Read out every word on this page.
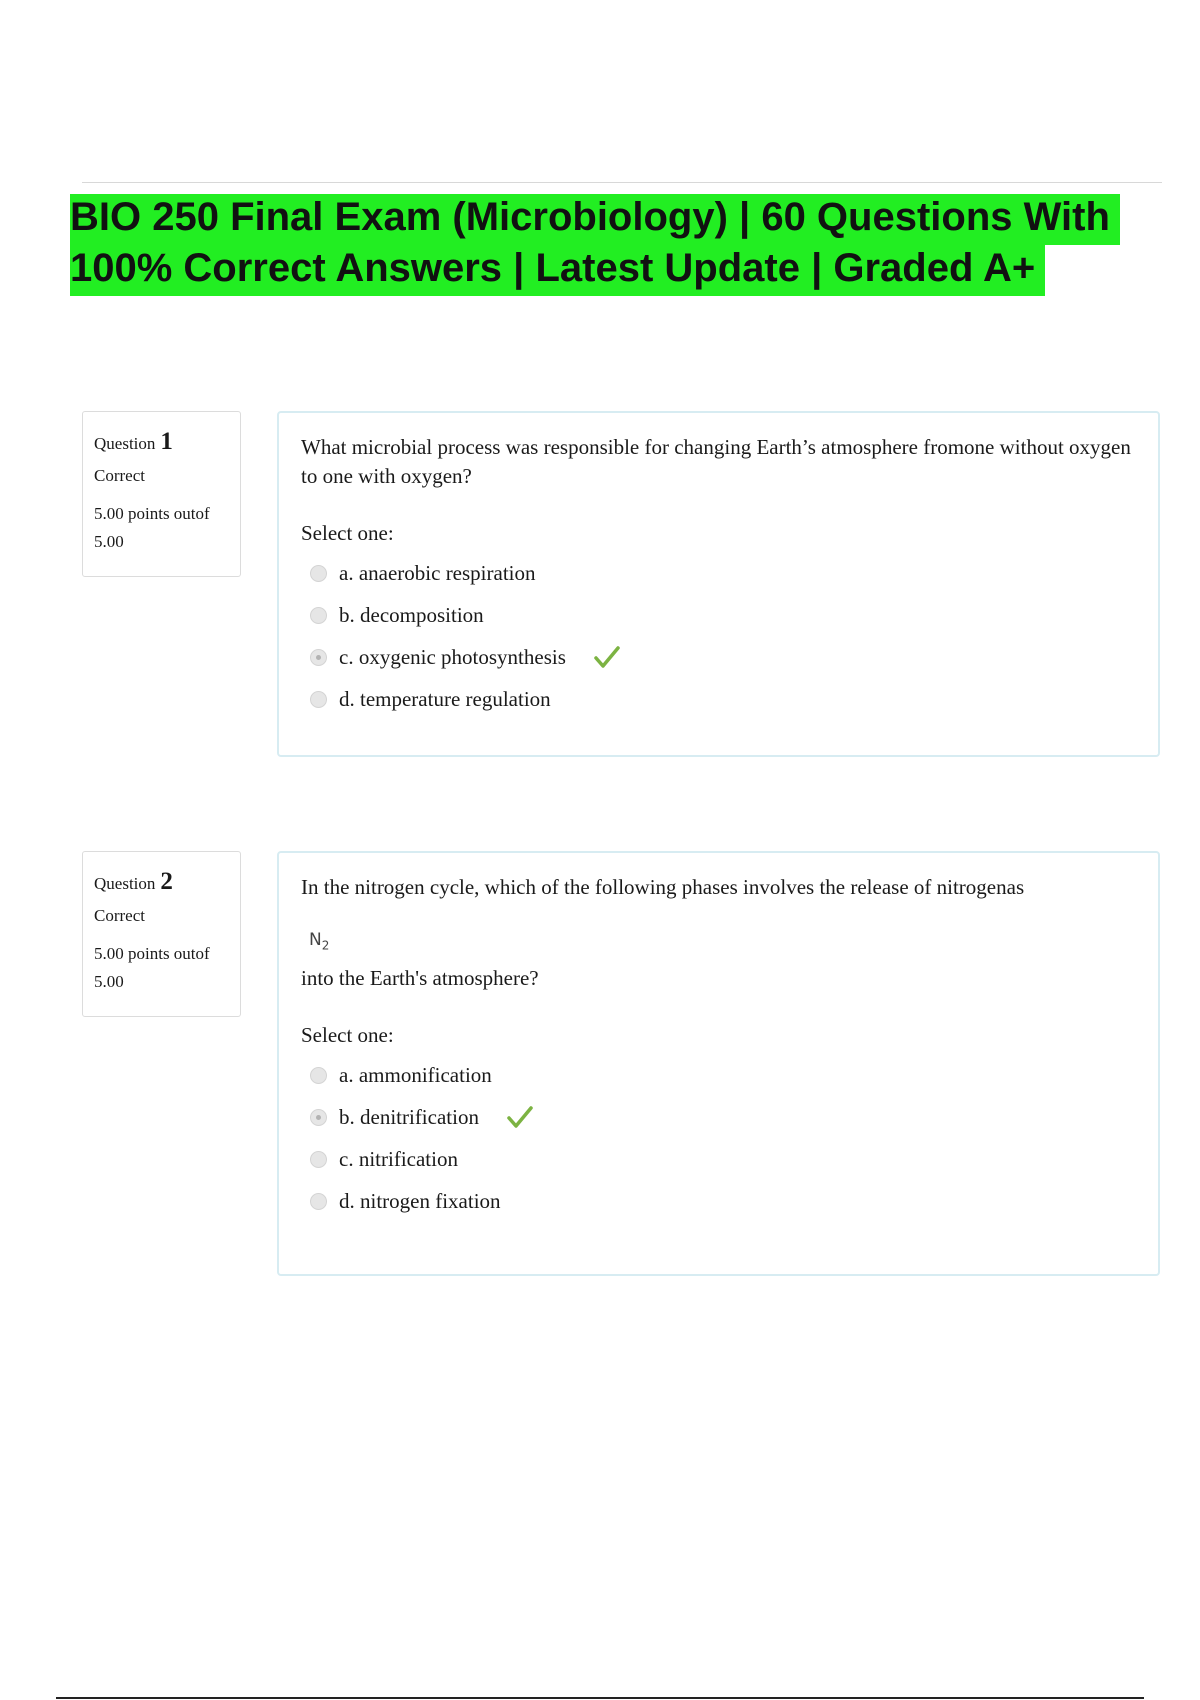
BIO 250 Final Exam (Microbiology) | 60 Questions With
100% Correct Answers | Latest Update | Graded A+
Question 1
Correct
5.00 points outof
5.00
What microbial process was responsible for changing Earth’s atmosphere fromone without oxygen to one with oxygen?
Select one:
a.
anaerobic respiration
b.
decomposition
c.
oxygenic photosynthesis
d.
temperature regulation
Question 2
Correct
5.00 points outof
5.00
In the nitrogen cycle, which of the following phases involves the release of nitrogenas
$N_2$
into the Earth's atmosphere?
Select one:
a.
ammonification
b.
denitrification
c.
nitrification
d.
nitrogen fixation
